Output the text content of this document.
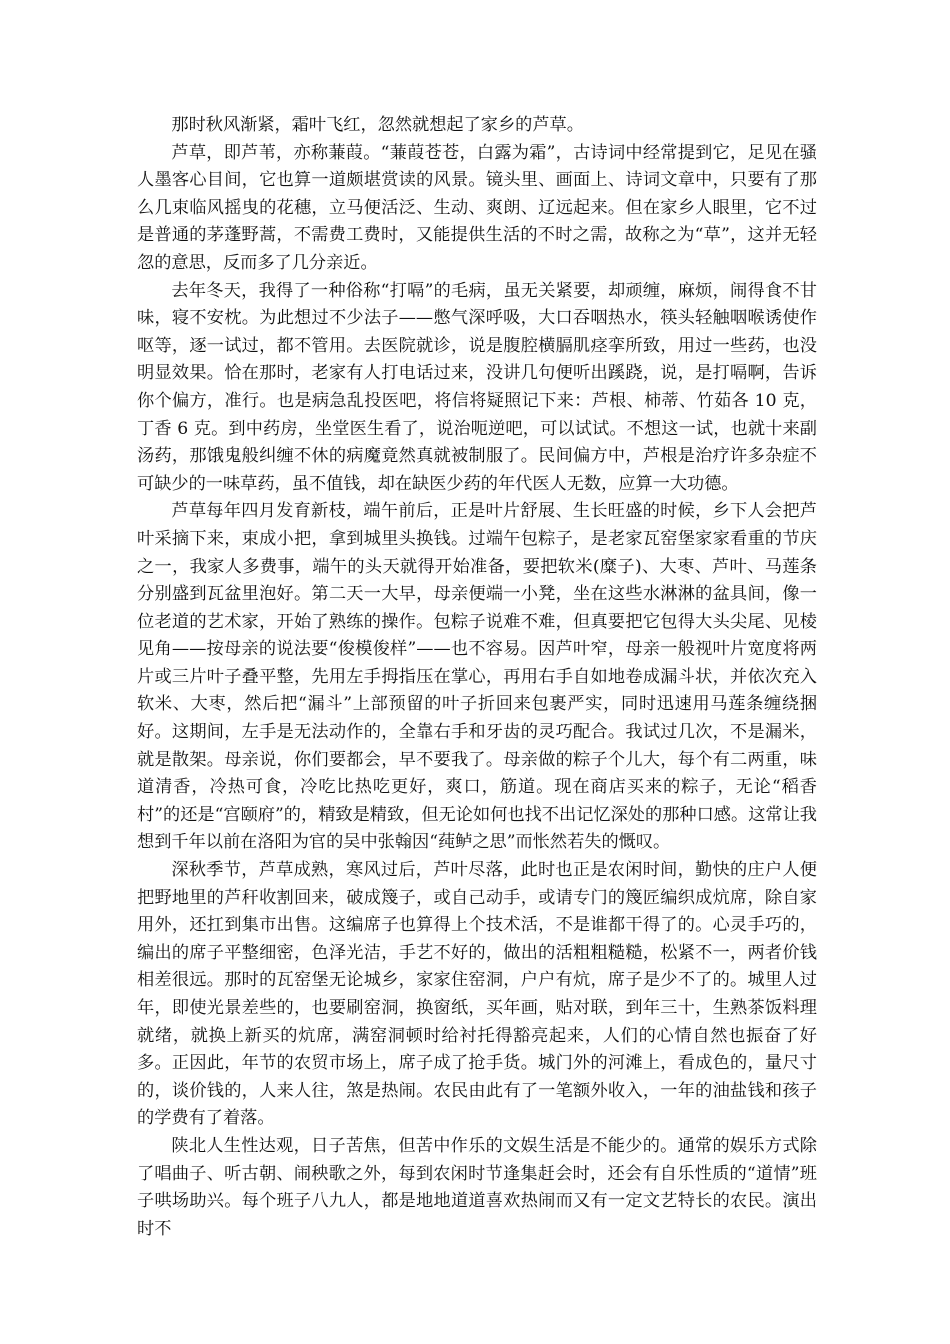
那时秋风渐紧，霜叶飞红，忽然就想起了家乡的芦草。

芦草，即芦苇，亦称蒹葭。“蒹葭苍苍，白露为霜”，古诗词中经常提到它，足见在骚人墨客心目间，它也算一道颇堪赏读的风景。镜头里、画面上、诗词文章中，只要有了那么几束临风摇曳的花穗，立马便活泛、生动、爽朗、辽远起来。但在家乡人眼里，它不过是普通的茅蓬野蒿，不需费工费时，又能提供生活的不时之需，故称之为“草”，这并无轻忽的意思，反而多了几分亲近。

去年冬天，我得了一种俗称“打嗝”的毛病，虽无关紧要，却顽缠，麻烦，闹得食不甘味，寝不安枕。为此想过不少法子——憋气深呼吸，大口吞咽热水，筷头轻触咽喉诱使作呕等，逐一试过，都不管用。去医院就诊，说是腹腔横膈肌痉挛所致，用过一些药，也没明显效果。恰在那时，老家有人打电话过来，没讲几句便听出蹊跷，说，是打嗝啊，告诉你个偏方，准行。也是病急乱投医吧，将信将疑照记下来：芦根、柿蒂、竹茹各 10 克，丁香 6 克。到中药房，坐堂医生看了，说治呃逆吧，可以试试。不想这一试，也就十来副汤药，那饿鬼般纠缠不休的病魔竟然真就被制服了。民间偏方中，芦根是治疗许多杂症不可缺少的一味草药，虽不值钱，却在缺医少药的年代医人无数，应算一大功德。

芦草每年四月发育新枝，端午前后，正是叶片舒展、生长旺盛的时候，乡下人会把芦叶采摘下来，束成小把，拿到城里头换钱。过端午包粽子，是老家瓦窑堡家家看重的节庆之一，我家人多费事，端午的头天就得开始准备，要把软米(糜子)、大枣、芦叶、马莲条分别盛到瓦盆里泡好。第二天一大早，母亲便端一小凳，坐在这些水淋淋的盆具间，像一位老道的艺术家，开始了熟练的操作。包粽子说难不难，但真要把它包得大头尖尾、见棱见角——按母亲的说法要“俊模俊样”——也不容易。因芦叶窄，母亲一般视叶片宽度将两片或三片叶子叠平整，先用左手拇指压在掌心，再用右手自如地卷成漏斗状，并依次充入软米、大枣，然后把“漏斗”上部预留的叶子折回来包裹严实，同时迅速用马莲条缠绕捆好。这期间，左手是无法动作的，全靠右手和牙齿的灵巧配合。我试过几次，不是漏米，就是散架。母亲说，你们要都会，早不要我了。母亲做的粽子个儿大，每个有二两重，味道清香，冷热可食，冷吃比热吃更好，爽口，筋道。现在商店买来的粽子，无论“稻香村”的还是“宫颐府”的，精致是精致，但无论如何也找不出记忆深处的那种口感。这常让我想到千年以前在洛阳为官的吴中张翰因“莼鲈之思”而怅然若失的慨叹。

深秋季节，芦草成熟，寒风过后，芦叶尽落，此时也正是农闲时间，勤快的庄户人便把野地里的芦秆收割回来，破成篾子，或自己动手，或请专门的篾匠编织成炕席，除自家用外，还扛到集市出售。这编席子也算得上个技术活，不是谁都干得了的。心灵手巧的，编出的席子平整细密，色泽光洁，手艺不好的，做出的活粗粗糙糙，松紧不一，两者价钱相差很远。那时的瓦窑堡无论城乡，家家住窑洞，户户有炕，席子是少不了的。城里人过年，即使光景差些的，也要刷窑洞，换窗纸，买年画，贴对联，到年三十，生熟茶饭料理就绪，就换上新买的炕席，满窑洞顿时给衬托得豁亮起来，人们的心情自然也振奋了好多。正因此，年节的农贸市场上，席子成了抢手货。城门外的河滩上，看成色的，量尺寸的，谈价钱的，人来人往，煞是热闹。农民由此有了一笔额外收入，一年的油盐钱和孩子的学费有了着落。

陕北人生性达观，日子苦焦，但苦中作乐的文娱生活是不能少的。通常的娱乐方式除了唱曲子、听古朝、闹秧歌之外，每到农闲时节逢集赶会时，还会有自乐性质的“道情”班子哄场助兴。每个班子八九人，都是地地道道喜欢热闹而又有一定文艺特长的农民。演出时不
